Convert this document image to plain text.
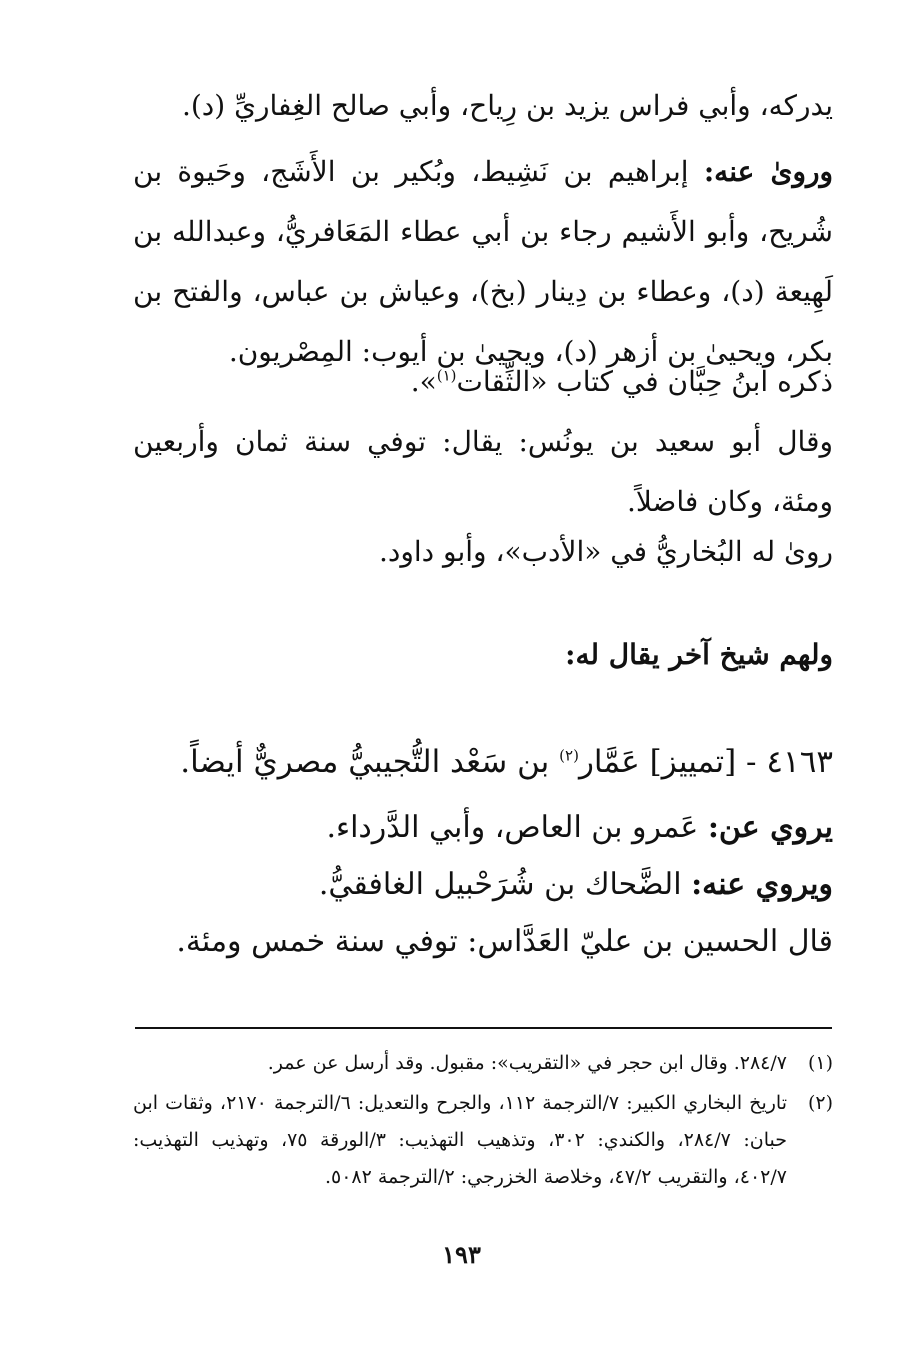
يدركه، وأبي فراس يزيد بن رِياح، وأبي صالح الغِفاريِّ (د).

وروىٰ عنه: إبراهيم بن نَشِيط، وبُكير بن الأَشَج، وحَيوة بن شُريح، وأبو الأَشيم رجاء بن أبي عطاء المَعَافريُّ، وعبدالله بن لَهِيعة (د)، وعطاء بن دِينار (بخ)، وعياش بن عباس، والفتح بن بكر، ويحيىٰ بن أزهر (د)، ويحيىٰ بن أيوب: المِصْريون.

ذكره ابنُ حِبَّان في كتاب «الثِّقات$^{(١)}$».

وقال أبو سعيد بن يونُس: يقال: توفي سنة ثمان وأربعين ومئة، وكان فاضلاً.

روىٰ له البُخاريُّ في «الأدب»، وأبو داود.

ولهم شيخ آخر يقال له:

٤١٦٣ - [تمييز] عَمَّار$^{(٢)}$ بن سَعْد التُّجيبيُّ مصريٌّ أيضاً.

يروي عن: عَمرو بن العاص، وأبي الدَّرداء.

ويروي عنه: الضَّحاك بن شُرَحْبيل الغافقيُّ.

قال الحسين بن عليّ العَدَّاس: توفي سنة خمس ومئة.

(١)
٢٨٤/٧. وقال ابن حجر في «التقريب»: مقبول. وقد أرسل عن عمر.
(٢)
تاريخ البخاري الكبير: ٧/الترجمة ١١٢، والجرح والتعديل: ٦/الترجمة ٢١٧٠، وثقات ابن حبان: ٢٨٤/٧، والكندي: ٣٠٢، وتذهيب التهذيب: ٣/الورقة ٧٥، وتهذيب التهذيب: ٤٠٢/٧، والتقريب ٤٧/٢، وخلاصة الخزرجي: ٢/الترجمة ٥٠٨٢.
١٩٣
